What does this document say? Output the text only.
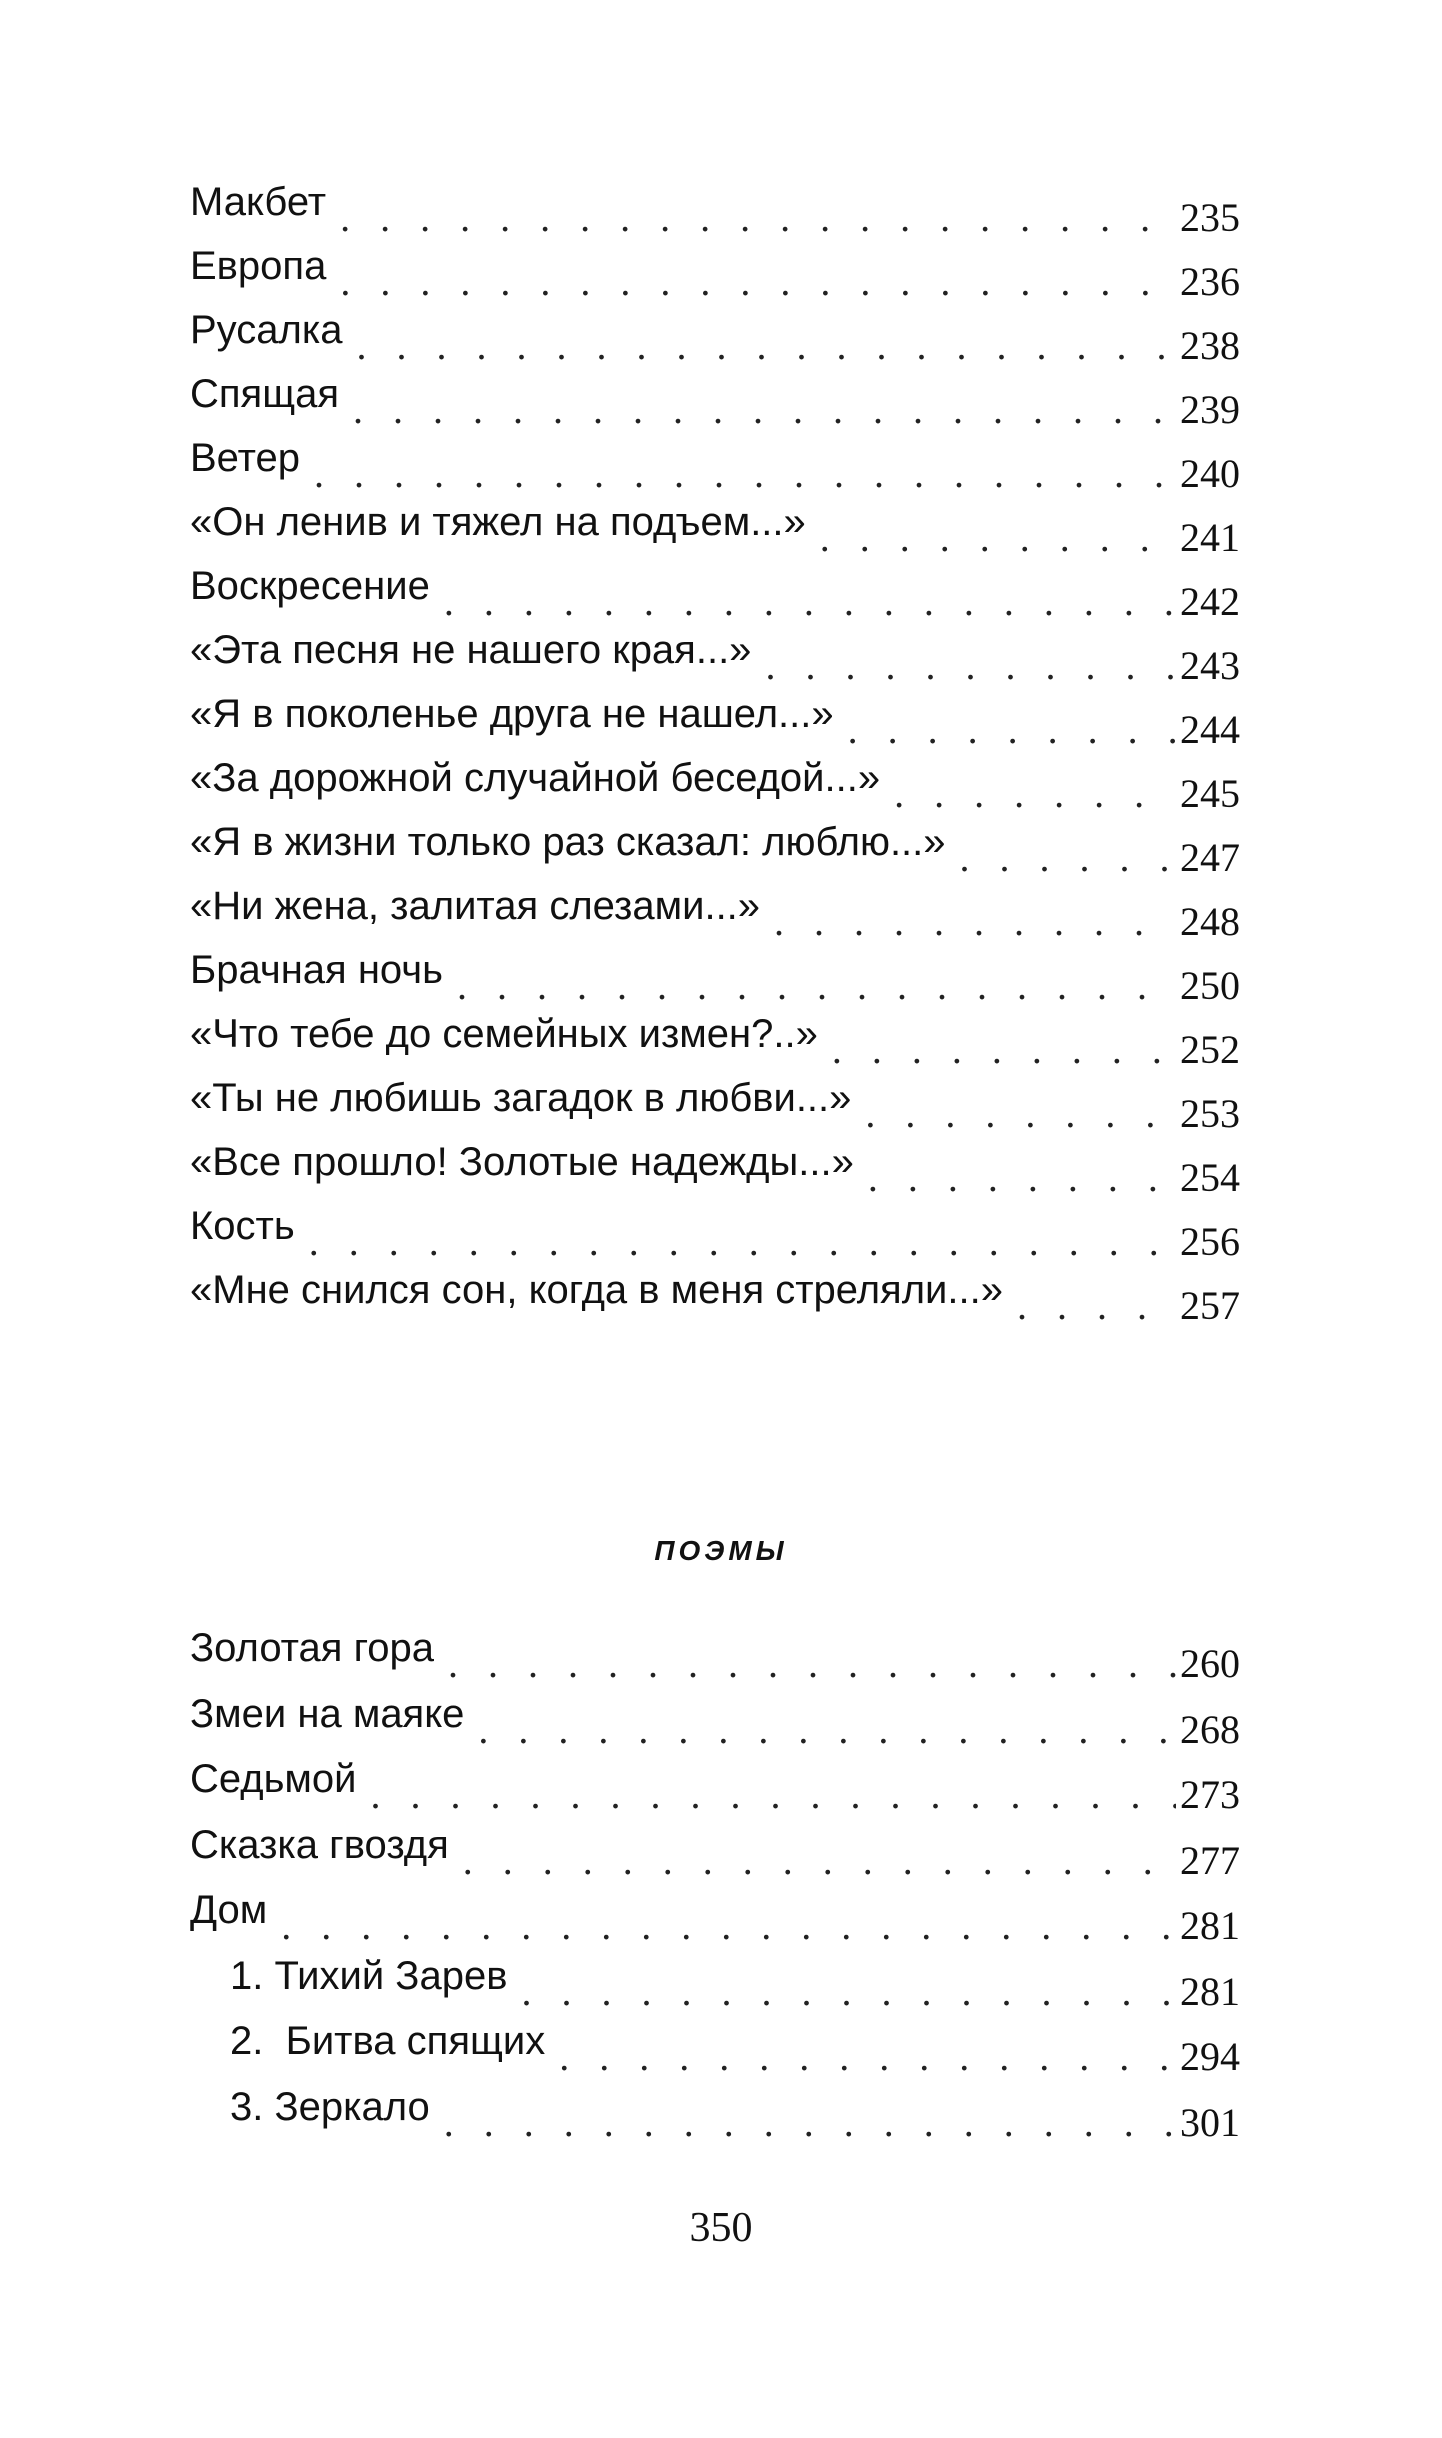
Макбет . . .	235
Европа . . .	236
Русалка . . .	238
Спящая . . .	239
Ветер . . .	240
«Он ленив и тяжел на подъем...» . . .	241
Воскресение . . .	242
«Эта песня не нашего края...» . . .	243
«Я в поколенье друга не нашел...» . . .	244
«За дорожной случайной беседой...» . . .	245
«Я в жизни только раз сказал: люблю...» . . .	247
«Ни жена, залитая слезами...» . . .	248
Брачная ночь . . .	250
«Что тебе до семейных измен?..» . . .	252
«Ты не любишь загадок в любви...» . . .	253
«Все прошло! Золотые надежды...» . . .	254
Кость . . .	256
«Мне снился сон, когда в меня стреляли...» . . .	257
ПОЭМЫ
Золотая гора . . .	260
Змеи на маяке . . .	268
Седьмой . . .	273
Сказка гвоздя . . .	277
Дом . . .	281
1. Тихий Зарев . . .	281
2.  Битва спящих . . .	294
3. Зеркало . . .	301
350
